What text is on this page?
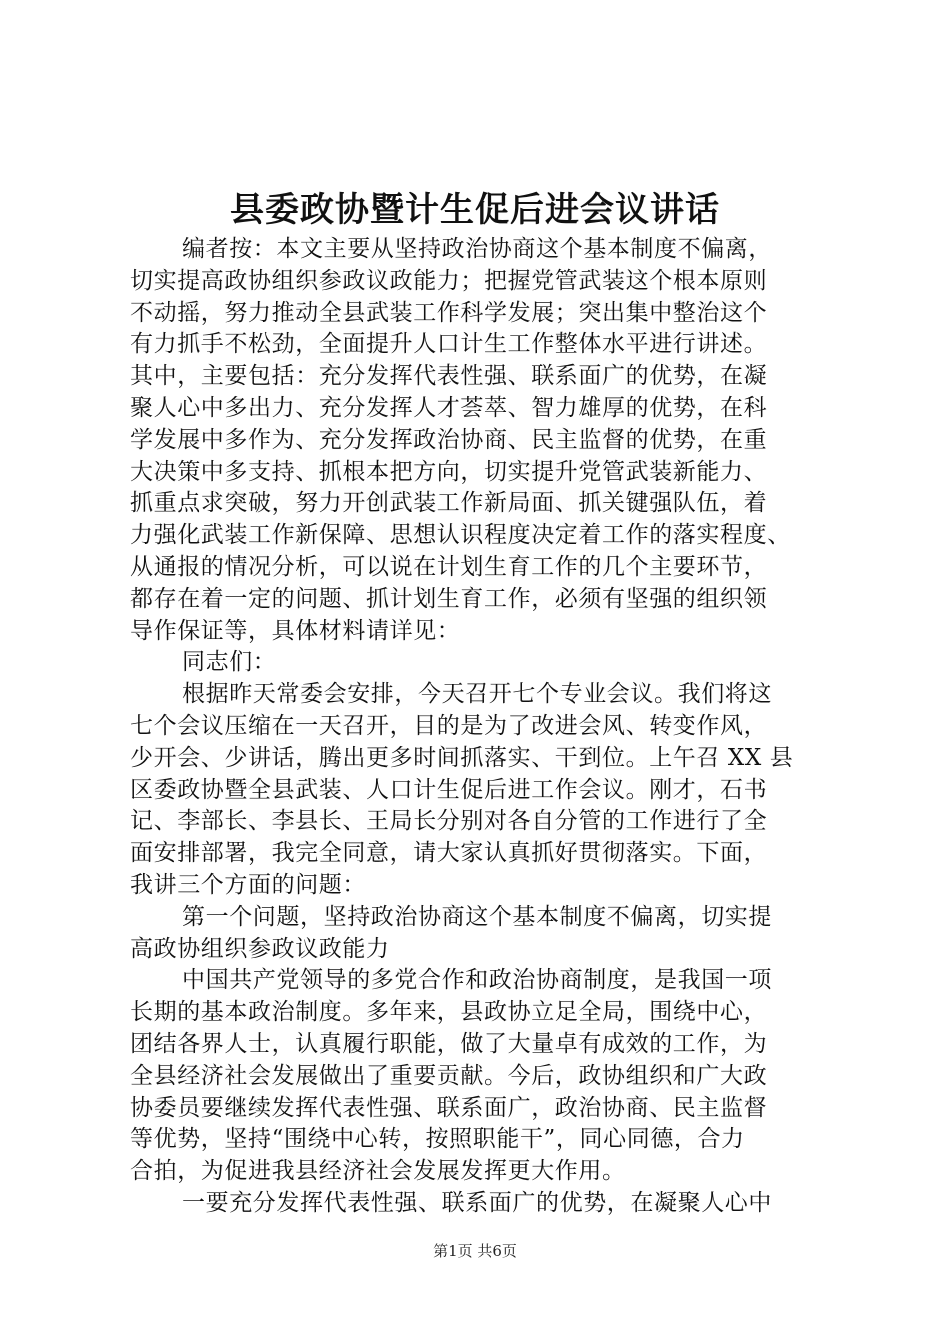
县委政协暨计生促后进会议讲话
编者按：本文主要从坚持政治协商这个基本制度不偏离，
切实提高政协组织参政议政能力；把握党管武装这个根本原则
不动摇，努力推动全县武装工作科学发展；突出集中整治这个
有力抓手不松劲，全面提升人口计生工作整体水平进行讲述。
其中，主要包括：充分发挥代表性强、联系面广的优势，在凝
聚人心中多出力、充分发挥人才荟萃、智力雄厚的优势，在科
学发展中多作为、充分发挥政治协商、民主监督的优势，在重
大决策中多支持、抓根本把方向，切实提升党管武装新能力、
抓重点求突破，努力开创武装工作新局面、抓关键强队伍，着
力强化武装工作新保障、思想认识程度决定着工作的落实程度、
从通报的情况分析，可以说在计划生育工作的几个主要环节，
都存在着一定的问题、抓计划生育工作，必须有坚强的组织领
导作保证等，具体材料请详见：
同志们：
根据昨天常委会安排，今天召开七个专业会议。我们将这
七个会议压缩在一天召开，目的是为了改进会风、转变作风，
少开会、少讲话，腾出更多时间抓落实、干到位。上午召 XX 县
区委政协暨全县武装、人口计生促后进工作会议。刚才，石书
记、李部长、李县长、王局长分别对各自分管的工作进行了全
面安排部署，我完全同意，请大家认真抓好贯彻落实。下面，
我讲三个方面的问题：
第一个问题，坚持政治协商这个基本制度不偏离，切实提
高政协组织参政议政能力
中国共产党领导的多党合作和政治协商制度，是我国一项
长期的基本政治制度。多年来，县政协立足全局，围绕中心，
团结各界人士，认真履行职能，做了大量卓有成效的工作，为
全县经济社会发展做出了重要贡献。今后，政协组织和广大政
协委员要继续发挥代表性强、联系面广，政治协商、民主监督
等优势，坚持“围绕中心转，按照职能干”，同心同德，合力
合拍，为促进我县经济社会发展发挥更大作用。
一要充分发挥代表性强、联系面广的优势，在凝聚人心中
第1页 共6页
